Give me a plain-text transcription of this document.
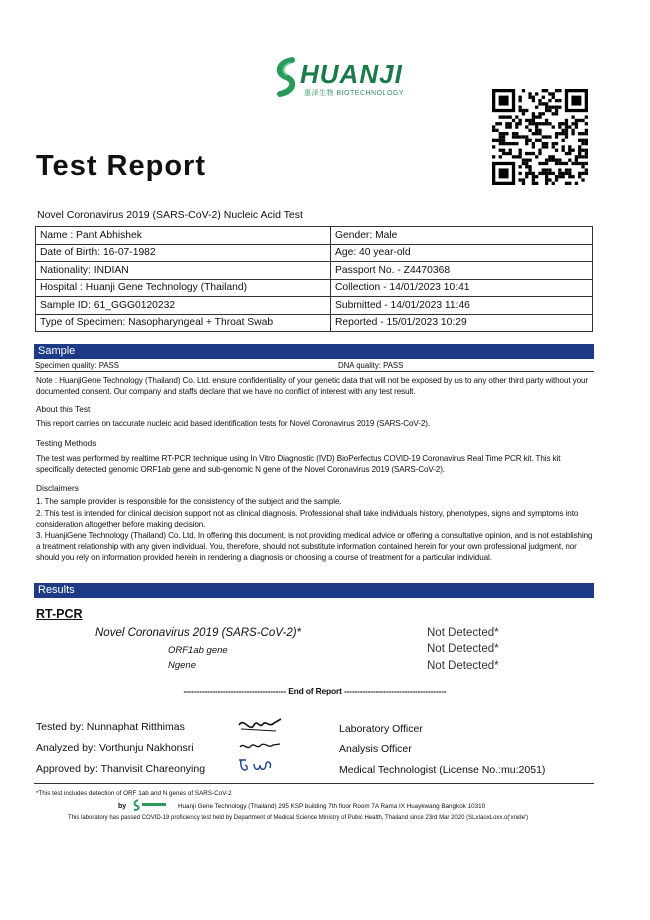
HUANJI
惠泽生物 BIOTECHNOLOGY
Test Report
Novel Coronavirus 2019 (SARS-CoV-2) Nucleic Acid Test
Name : Pant Abhishek	Gender: Male
Date of Birth: 16-07-1982	Age: 40 year-old
Nationality: INDIAN	Passport No. - Z4470368
Hospital : Huanji Gene Technology (Thailand)	Collection - 14/01/2023 10:41
Sample ID: 61_GGG0120232	Submitted - 14/01/2023 11:46
Type of Specimen: Nasopharyngeal + Throat Swab	Reported - 15/01/2023 10:29
Sample
Specimen quality: PASS	DNA quality: PASS
Note : HuanjiGene Technology (Thailand) Co. Ltd. ensure confidentiality of your genetic data that will not be exposed by us to any other third party without your documented consent. Our company and staffs declare that we have no conflict of interest with any test result.
About this Test
This report carries on taccurate nucleic acid based identification tests for Novel Coronavirus 2019 (SARS-CoV-2).
Testing Methods
The test was performed by realtime RT-PCR technique using In Vitro Diagnostic (IVD) BioPerfectus COVID-19 Coronavirus Real Time PCR kit. This kit specifically detected genomic ORF1ab gene and sub-genomic N gene of the Novel Coronavirus 2019 (SARS-CoV-2).
Disclaimers
1. The sample provider is responsible for the consistency of the subject and the sample.
2. This test is intended for clinical decision support not as clinical diagnosis. Professional shall take individuals history, phenotypes, signs and symptoms into consideration altogether before making decision.
3. HuanjiGene Technology (Thailand) Co. Ltd. In offering this document, is not providing medical advice or offering a consultative opinion, and is not establishing a treatment relationship with any given individual. You, therefore, should not substitute information contained herein for your own professional judgment, nor should you rely on information provided herein in rendering a diagnosis or choosing a course of treatment for a particular individual.
Results
RT-PCR
Novel Coronavirus 2019 (SARS-CoV-2)*	Not Detected*
ORF1ab gene	Not Detected*
Ngene	Not Detected*
--------------------------------------- End of Report ---------------------------------------
Tested by: Nunnaphat Ritthimas	Laboratory Officer
Analyzed by: Vorthunju Nakhonsri	Analysis Officer
Approved by: Thanvisit Chareonying	Medical Technologist (License No.:mu:2051)
*This test includes detection of ORF 1ab and N genes of SARS-CoV-2
by	Huanji Gene Technology (Thailand) 295 KSP building 7th floor Room 7A Rama IX Huaykwang Bangkok 10310
This laboratory has passed COVID-19 proficiency test held by Department of Medical Science Ministry of Pubic Health, Thailand since 23rd Mar 2020 (SLxIaoxLoxx.o('xnide')
